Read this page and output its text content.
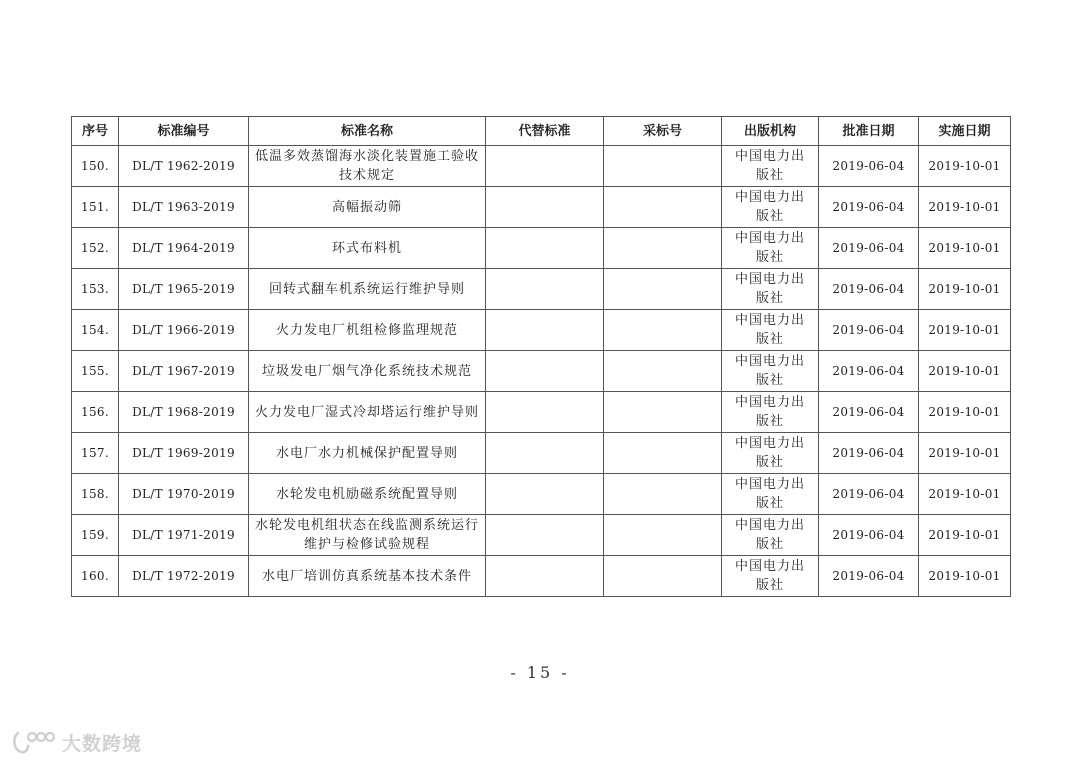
序号	标准编号	标准名称	代替标准	采标号	出版机构	批准日期	实施日期
150.	DL/T 1962-2019	低温多效蒸馏海水淡化装置施工验收技术规定			中国电力出版社	2019-06-04	2019-10-01
151.	DL/T 1963-2019	高幅振动筛			中国电力出版社	2019-06-04	2019-10-01
152.	DL/T 1964-2019	环式布料机			中国电力出版社	2019-06-04	2019-10-01
153.	DL/T 1965-2019	回转式翻车机系统运行维护导则			中国电力出版社	2019-06-04	2019-10-01
154.	DL/T 1966-2019	火力发电厂机组检修监理规范			中国电力出版社	2019-06-04	2019-10-01
155.	DL/T 1967-2019	垃圾发电厂烟气净化系统技术规范			中国电力出版社	2019-06-04	2019-10-01
156.	DL/T 1968-2019	火力发电厂湿式冷却塔运行维护导则			中国电力出版社	2019-06-04	2019-10-01
157.	DL/T 1969-2019	水电厂水力机械保护配置导则			中国电力出版社	2019-06-04	2019-10-01
158.	DL/T 1970-2019	水轮发电机励磁系统配置导则			中国电力出版社	2019-06-04	2019-10-01
159.	DL/T 1971-2019	水轮发电机组状态在线监测系统运行维护与检修试验规程			中国电力出版社	2019-06-04	2019-10-01
160.	DL/T 1972-2019	水电厂培训仿真系统基本技术条件			中国电力出版社	2019-06-04	2019-10-01
- 15 -
大数跨境
